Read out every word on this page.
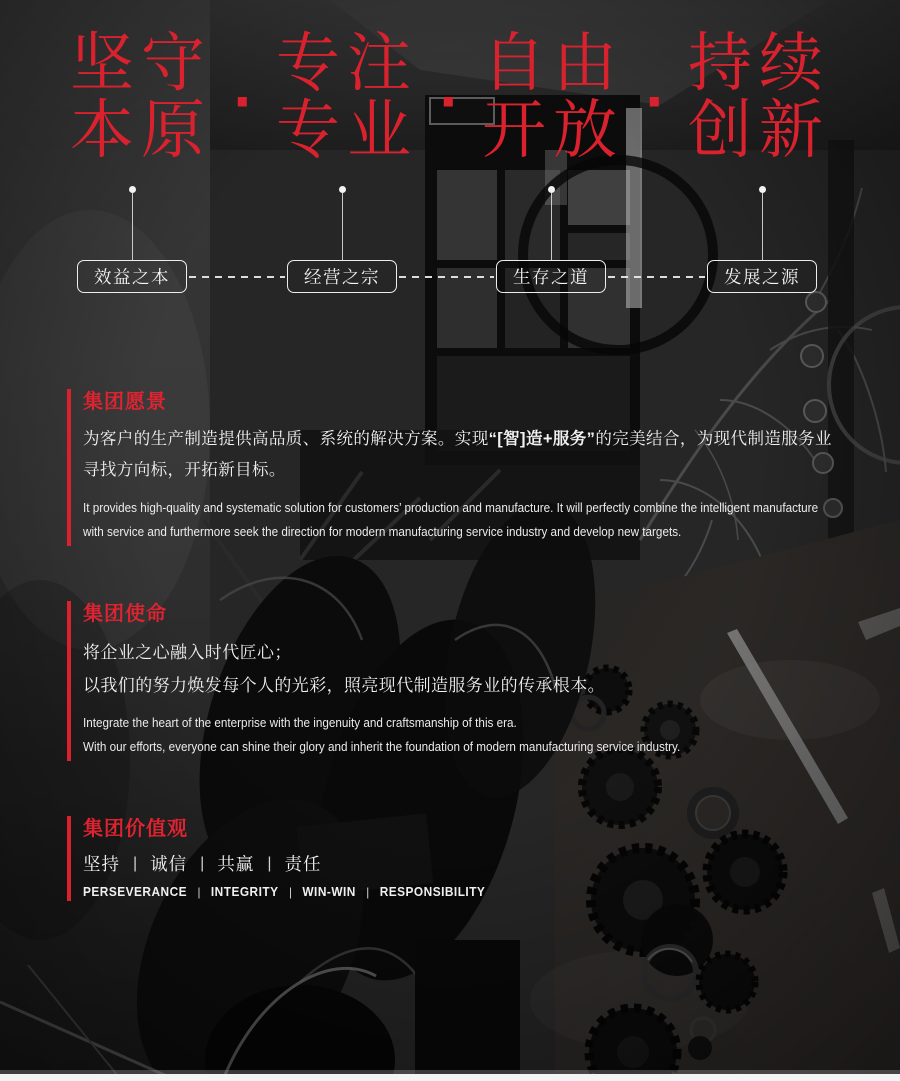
坚守
本原 ·
专注
专业 ·
自由
开放 ·
持续
创新
效益之本	经营之宗	生存之道	发展之源
集团愿景

为客户的生产制造提供高品质、系统的解决方案。实现“[智]造+服务”的完美结合，为现代制造服务业寻找方向标，开拓新目标。

It provides high-quality and systematic solution for customers’ production and manufacture. It will perfectly combine the intelligent manufacture
with service and furthermore seek the direction for modern manufacturing service industry and develop new targets.
集团使命
将企业之心融入时代匠心；
以我们的努力焕发每个人的光彩，照亮现代制造服务业的传承根本。
Integrate the heart of the enterprise with the ingenuity and craftsmanship of this era.
With our efforts, everyone can shine their glory and inherit the foundation of modern manufacturing service industry.
集团价值观
坚持 | 诚信 | 共赢 | 责任
PERSEVERANCE | INTEGRITY | WIN-WIN | RESPONSIBILITY
